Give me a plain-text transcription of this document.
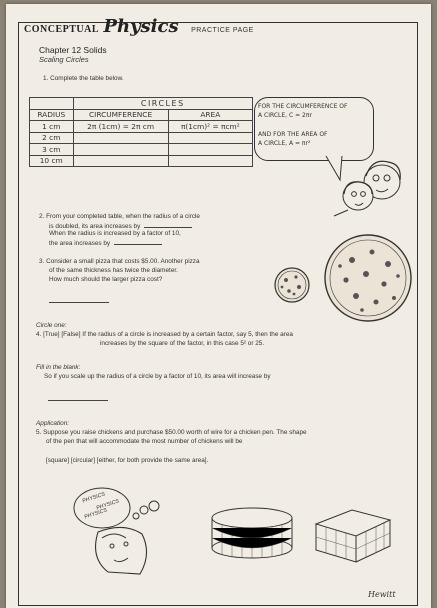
CONCEPTUAL Physics PRACTICE PAGE
Chapter 12 Solids
Scaling Circles
1. Complete the table below.
	CIRCLES	
RADIUS	CIRCUMFERENCE	AREA
1 cm	2π (1cm) = 2π cm	π(1cm)² = πcm²
2 cm		
3 cm		
10 cm		
FOR THE CIRCUMFERENCE OF
A CIRCLE, C = 2πr
AND FOR THE AREA OF
A CIRCLE, A = πr²
2. From your completed table, when the radius of a circle
is doubled, its area increases by
When the radius is increased by a factor of 10,
the area increases by
3. Consider a small pizza that costs $5.00. Another pizza
of the same thickness has twice the diameter.
How much should the larger pizza cost?
Circle one:
4. [True] [False] If the radius of a circle is increased by a certain factor, say 5, then the area
increases by the square of the factor, in this case 5² or 25.
Fill in the blank:
So if you scale up the radius of a circle by a factor of 10, its area will increase by
Application:
5. Suppose you raise chickens and purchase $50.00 worth of wire for a chicken pen. The shape
of the pen that will accommodate the most number of chickens will be
[square] [circular] [either, for both provide the same area].
PHYSICS
PHYSICS
PHYSICS
Hewitt
